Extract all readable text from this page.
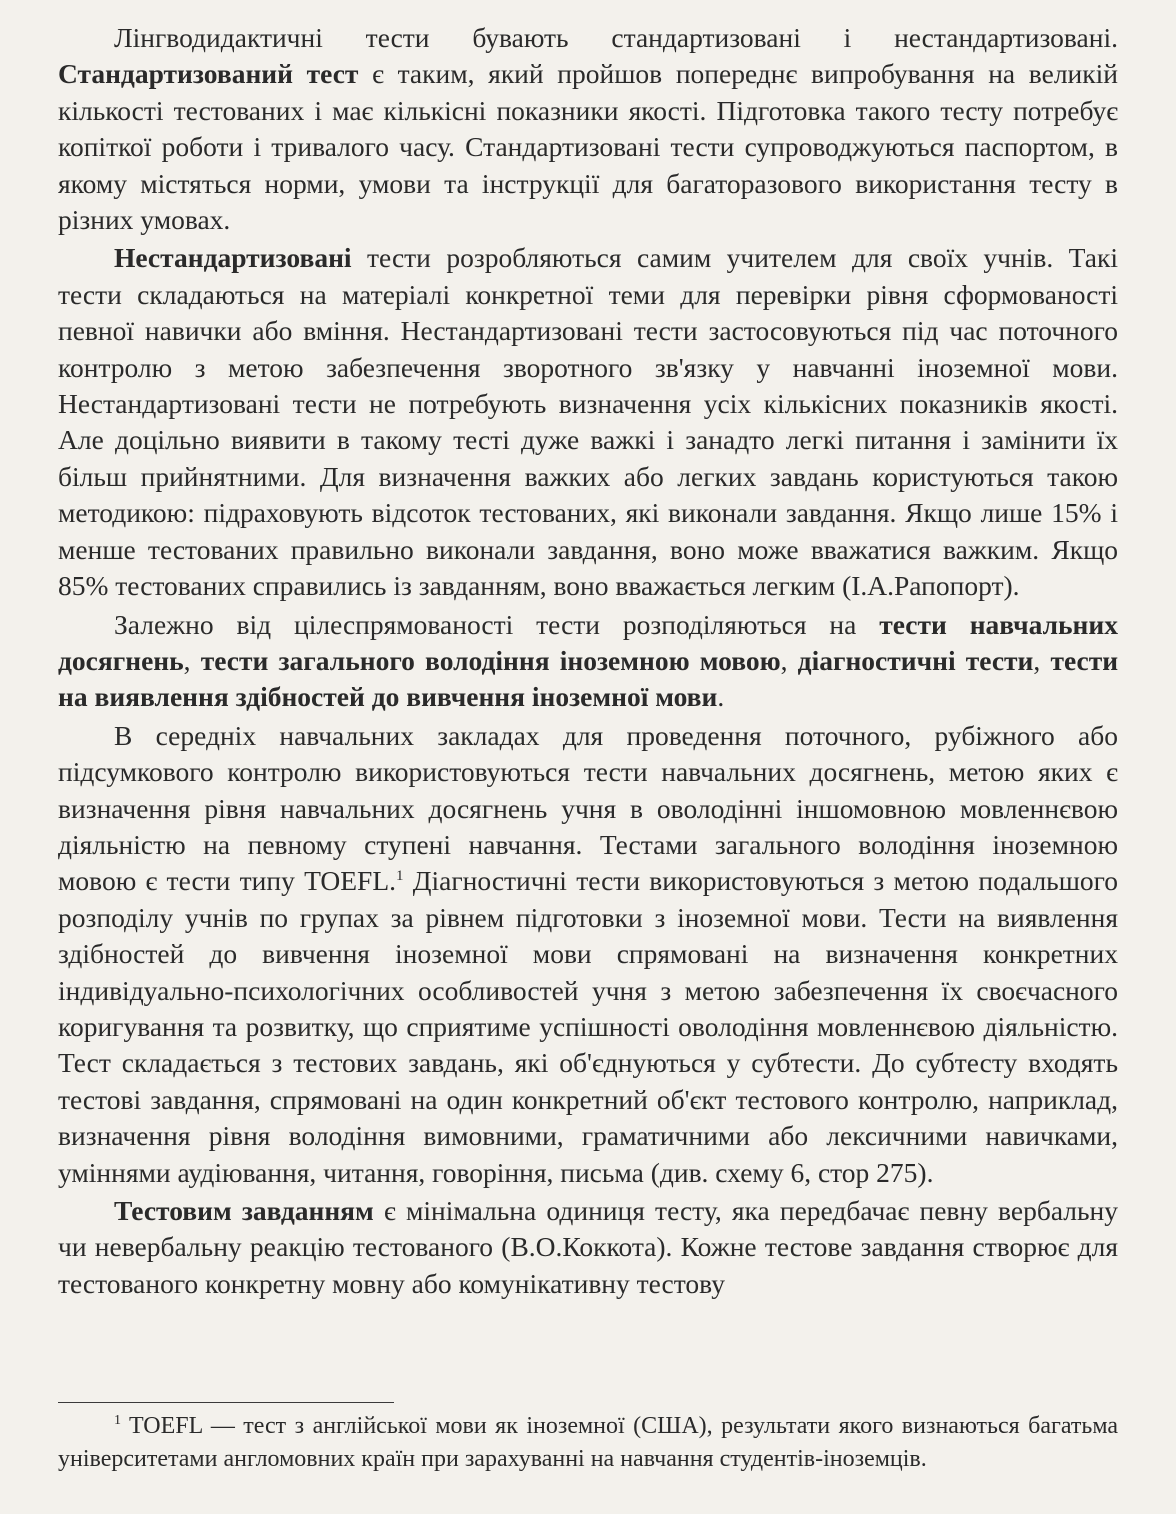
Лінгводидактичні тести бувають стандартизовані і нестандартизовані. Стандартизований тест є таким, який пройшов попереднє випробування на великій кількості тестованих і має кількісні показники якості. Підготовка такого тесту потребує копіткої роботи і тривалого часу. Стандартизовані тести супроводжуються паспортом, в якому містяться норми, умови та інструкції для багаторазового використання тесту в різних умовах.

Нестандартизовані тести розробляються самим учителем для своїх учнів. Такі тести складаються на матеріалі конкретної теми для перевірки рівня сформованості певної навички або вміння. Нестандартизовані тести застосовуються під час поточного контролю з метою забезпечення зворотного зв'язку у навчанні іноземної мови. Нестандартизовані тести не потребують визначення усіх кількісних показників якості. Але доцільно виявити в такому тесті дуже важкі і занадто легкі питання і замінити їх більш прийнятними. Для визначення важких або легких завдань користуються такою методикою: підраховують відсоток тестованих, які виконали завдання. Якщо лише 15% і менше тестованих правильно виконали завдання, воно може вважатися важким. Якщо 85% тестованих справились із завданням, воно вважається легким (І.А.Рапопорт).

Залежно від цілеспрямованості тести розподіляються на тести навчальних досягнень, тести загального володіння іноземною мовою, діагностичні тести, тести на виявлення здібностей до вивчення іноземної мови.

В середніх навчальних закладах для проведення поточного, рубіжного або підсумкового контролю використовуються тести навчальних досягнень, метою яких є визначення рівня навчальних досягнень учня в оволодінні іншомовною мовленнєвою діяльністю на певному ступені навчання. Тестами загального володіння іноземною мовою є тести типу TOEFL.$^1$ Діагностичні тести використовуються з метою подальшого розподілу учнів по групах за рівнем підготовки з іноземної мови. Тести на виявлення здібностей до вивчення іноземної мови спрямовані на визначення конкретних індивідуально-психологічних особливостей учня з метою забезпечення їх своєчасного коригування та розвитку, що сприятиме успішності оволодіння мовленнєвою діяльністю. Тест складається з тестових завдань, які об'єднуються у субтести. До субтесту входять тестові завдання, спрямовані на один конкретний об'єкт тестового контролю, наприклад, визначення рівня володіння вимовними, граматичними або лексичними навичками, уміннями аудіювання, читання, говоріння, письма (див. схему 6, стор 275).

Тестовим завданням є мінімальна одиниця тесту, яка передбачає певну вербальну чи невербальну реакцію тестованого (В.О.Коккота). Кожне тестове завдання створює для тестованого конкретну мовну або комунікативну тестову

$^1$ TOEFL — тест з англійської мови як іноземної (США), результати якого визнаються багатьма університетами англомовних країн при зарахуванні на навчання студентів-іноземців.
